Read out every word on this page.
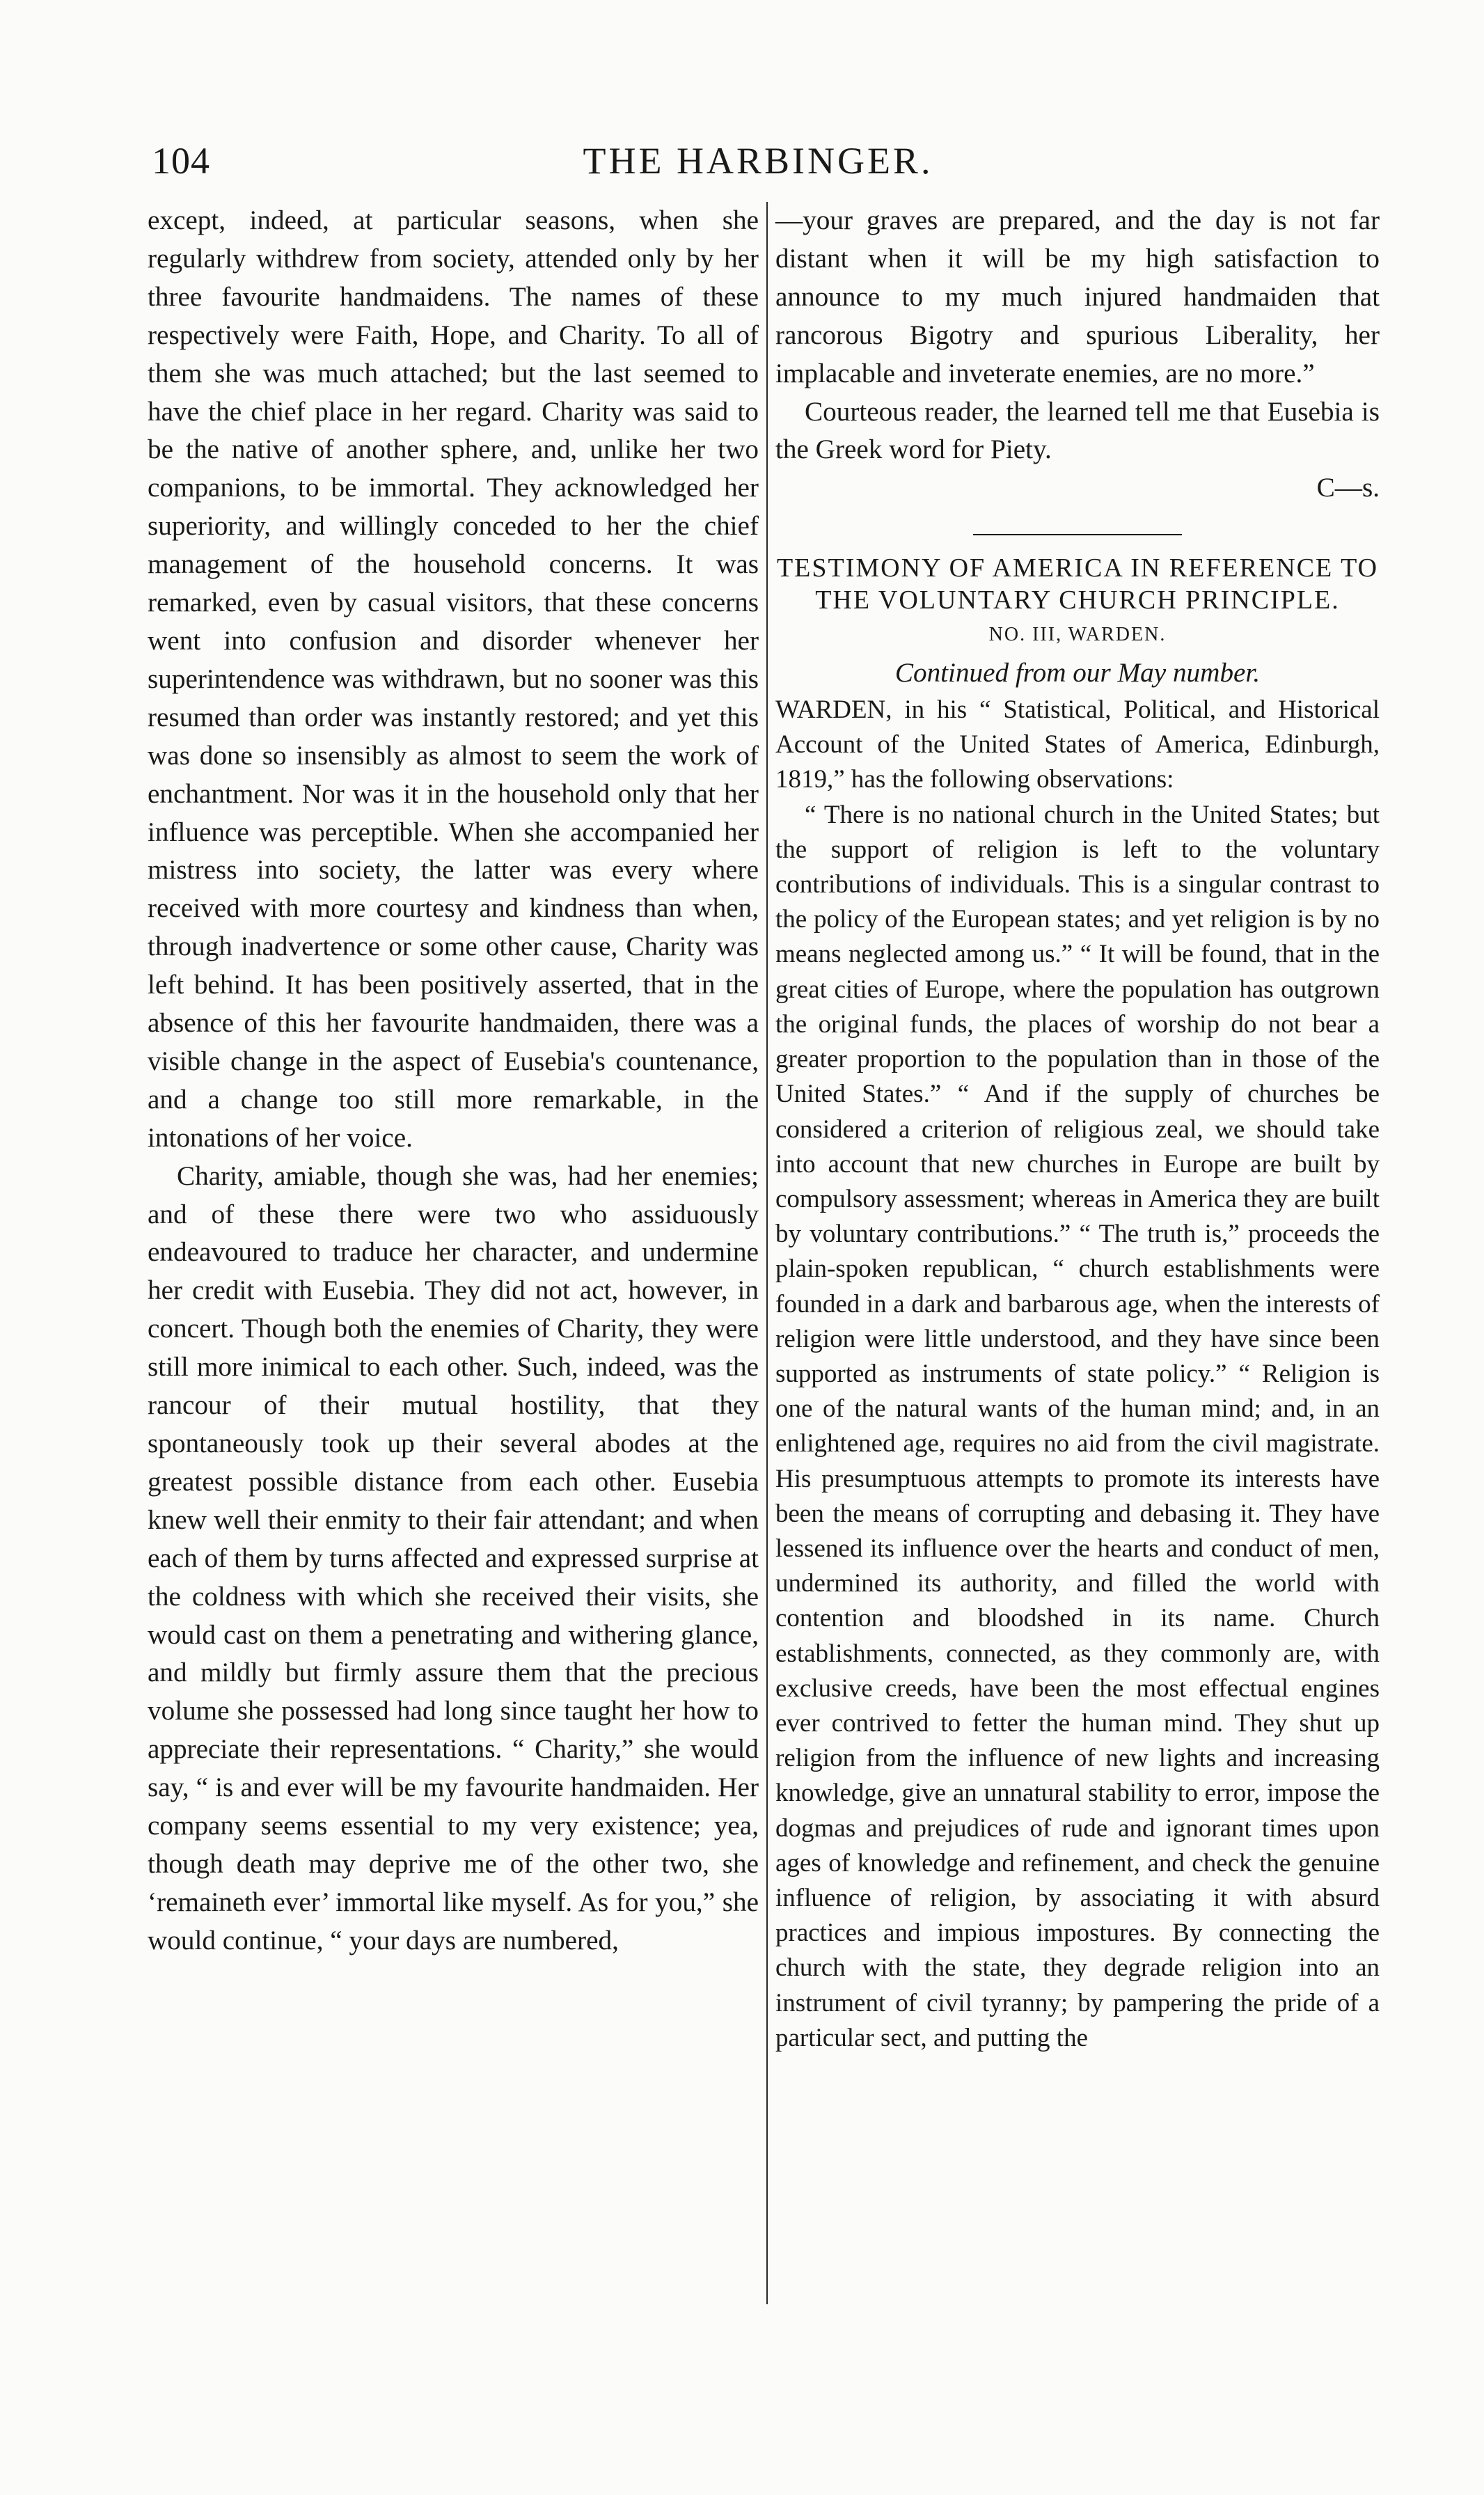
104	THE HARBINGER.

except, indeed, at particular seasons, when she regularly withdrew from society, attended only by her three favourite handmaidens. The names of these respectively were Faith, Hope, and Charity. To all of them she was much attached; but the last seemed to have the chief place in her regard. Charity was said to be the native of another sphere, and, unlike her two companions, to be immortal. They acknowledged her superiority, and willingly conceded to her the chief management of the household concerns. It was remarked, even by casual visitors, that these concerns went into confusion and disorder whenever her superintendence was withdrawn, but no sooner was this resumed than order was instantly restored; and yet this was done so insensibly as almost to seem the work of enchantment. Nor was it in the household only that her influence was perceptible. When she accompanied her mistress into society, the latter was every where received with more courtesy and kindness than when, through inadvertence or some other cause, Charity was left behind. It has been positively asserted, that in the absence of this her favourite handmaiden, there was a visible change in the aspect of Eusebia's countenance, and a change too still more remarkable, in the intonations of her voice.

Charity, amiable, though she was, had her enemies; and of these there were two who assiduously endeavoured to traduce her character, and undermine her credit with Eusebia. They did not act, however, in concert. Though both the enemies of Charity, they were still more inimical to each other. Such, indeed, was the rancour of their mutual hostility, that they spontaneously took up their several abodes at the greatest possible distance from each other. Eusebia knew well their enmity to their fair attendant; and when each of them by turns affected and expressed surprise at the coldness with which she received their visits, she would cast on them a penetrating and withering glance, and mildly but firmly assure them that the precious volume she possessed had long since taught her how to appreciate their representations. “ Charity,” she would say, “ is and ever will be my favourite handmaiden. Her company seems essential to my very existence; yea, though death may deprive me of the other two, she ‘remaineth ever’ immortal like myself. As for you,” she would continue, “ your days are numbered,

—your graves are prepared, and the day is not far distant when it will be my high satisfaction to announce to my much injured handmaiden that rancorous Bigotry and spurious Liberality, her implacable and inveterate enemies, are no more.”

Courteous reader, the learned tell me that Eusebia is the Greek word for Piety.

C—s.

TESTIMONY OF AMERICA IN REFERENCE TO THE VOLUNTARY CHURCH PRINCIPLE.

NO. III, WARDEN.

Continued from our May number.

WARDEN, in his “ Statistical, Political, and Historical Account of the United States of America, Edinburgh, 1819,” has the following observations:

“ There is no national church in the United States; but the support of religion is left to the voluntary contributions of individuals. This is a singular contrast to the policy of the European states; and yet religion is by no means neglected among us.” “ It will be found, that in the great cities of Europe, where the population has outgrown the original funds, the places of worship do not bear a greater proportion to the population than in those of the United States.” “ And if the supply of churches be considered a criterion of religious zeal, we should take into account that new churches in Europe are built by compulsory assessment; whereas in America they are built by voluntary contributions.” “ The truth is,” proceeds the plain-spoken republican, “ church establishments were founded in a dark and barbarous age, when the interests of religion were little understood, and they have since been supported as instruments of state policy.” “ Religion is one of the natural wants of the human mind; and, in an enlightened age, requires no aid from the civil magistrate. His presumptuous attempts to promote its interests have been the means of corrupting and debasing it. They have lessened its influence over the hearts and conduct of men, undermined its authority, and filled the world with contention and bloodshed in its name. Church establishments, connected, as they commonly are, with exclusive creeds, have been the most effectual engines ever contrived to fetter the human mind. They shut up religion from the influence of new lights and increasing knowledge, give an unnatural stability to error, impose the dogmas and prejudices of rude and ignorant times upon ages of knowledge and refinement, and check the genuine influence of religion, by associating it with absurd practices and impious impostures. By connecting the church with the state, they degrade religion into an instrument of civil tyranny; by pampering the pride of a particular sect, and putting the
